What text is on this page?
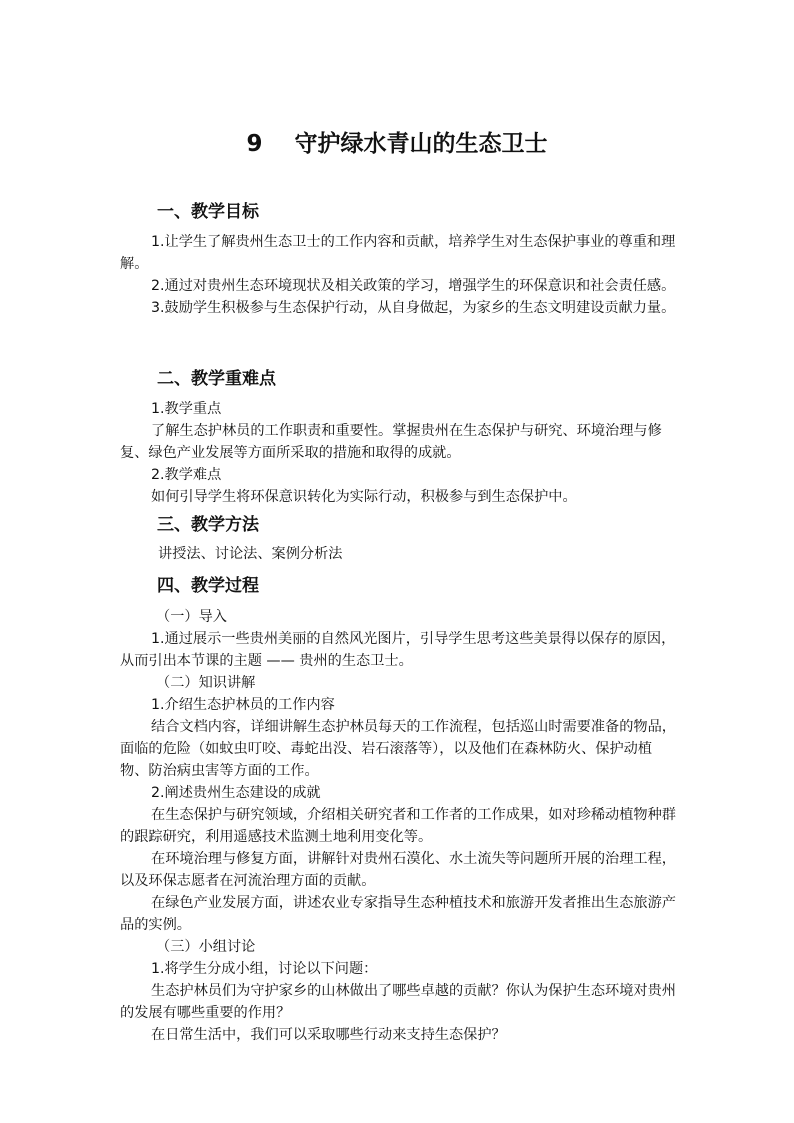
9    守护绿水青山的生态卫士
一、教学目标

1.让学生了解贵州生态卫士的工作内容和贡献，培养学生对生态保护事业的尊重和理解。

2.通过对贵州生态环境现状及相关政策的学习，增强学生的环保意识和社会责任感。

3.鼓励学生积极参与生态保护行动，从自身做起，为家乡的生态文明建设贡献力量。

二、教学重难点

1.教学重点

了解生态护林员的工作职责和重要性。掌握贵州在生态保护与研究、环境治理与修复、绿色产业发展等方面所采取的措施和取得的成就。

2.教学难点

如何引导学生将环保意识转化为实际行动，积极参与到生态保护中。

三、教学方法

讲授法、讨论法、案例分析法

四、教学过程

（一）导入

1.通过展示一些贵州美丽的自然风光图片，引导学生思考这些美景得以保存的原因，从而引出本节课的主题 —— 贵州的生态卫士。

（二）知识讲解

1.介绍生态护林员的工作内容

结合文档内容，详细讲解生态护林员每天的工作流程，包括巡山时需要准备的物品，面临的危险（如蚊虫叮咬、毒蛇出没、岩石滚落等），以及他们在森林防火、保护动植物、防治病虫害等方面的工作。

2.阐述贵州生态建设的成就

在生态保护与研究领域，介绍相关研究者和工作者的工作成果，如对珍稀动植物种群的跟踪研究，利用遥感技术监测土地利用变化等。

在环境治理与修复方面，讲解针对贵州石漠化、水土流失等问题所开展的治理工程，以及环保志愿者在河流治理方面的贡献。

在绿色产业发展方面，讲述农业专家指导生态种植技术和旅游开发者推出生态旅游产品的实例。

（三）小组讨论

1.将学生分成小组，讨论以下问题：

生态护林员们为守护家乡的山林做出了哪些卓越的贡献？你认为保护生态环境对贵州的发展有哪些重要的作用？

在日常生活中，我们可以采取哪些行动来支持生态保护？
